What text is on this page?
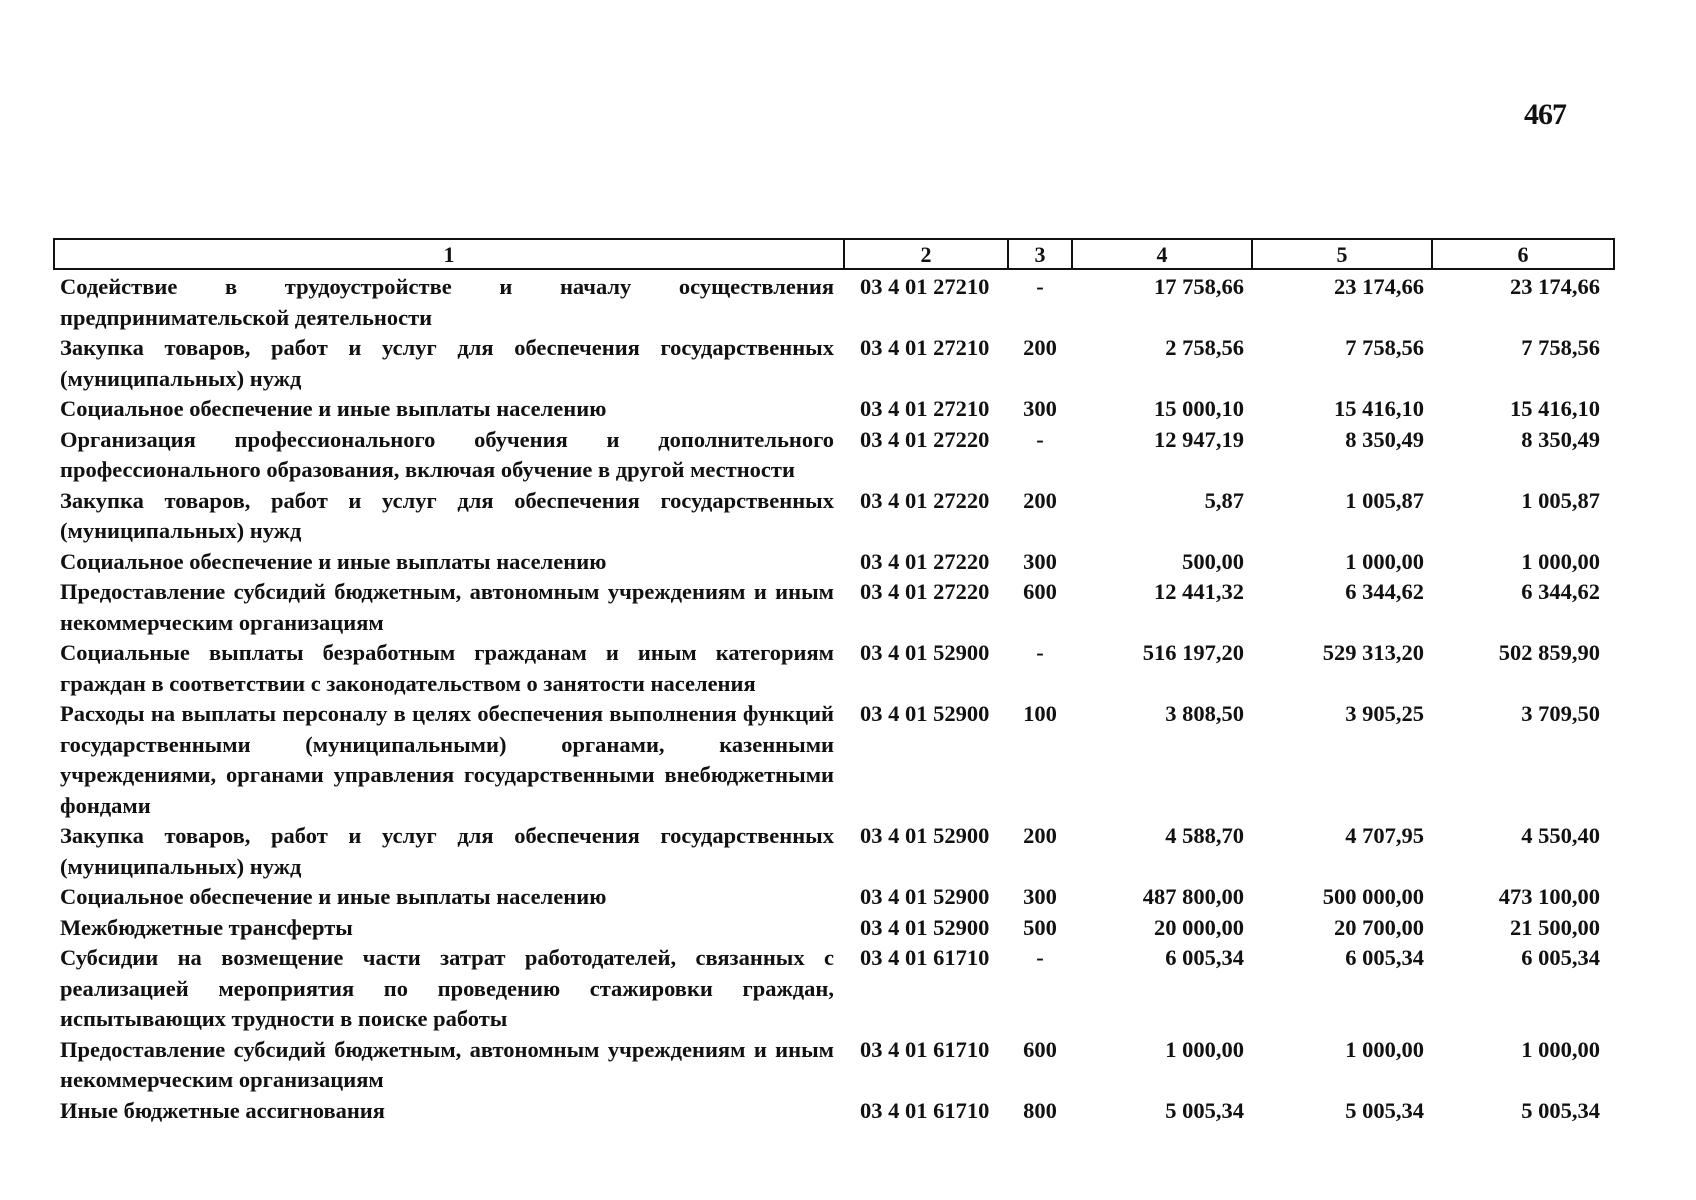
467
1	2	3	4	5	6
Содействие в трудоустройстве и началу осуществления предпринимательской деятельности	03 4 01 27210	-	17 758,66	23 174,66	23 174,66
Закупка товаров, работ и услуг для обеспечения государственных (муниципальных) нужд	03 4 01 27210	200	2 758,56	7 758,56	7 758,56
Социальное обеспечение и иные выплаты населению	03 4 01 27210	300	15 000,10	15 416,10	15 416,10
Организация профессионального обучения и дополнительного профессионального образования, включая обучение в другой местности	03 4 01 27220	-	12 947,19	8 350,49	8 350,49
Закупка товаров, работ и услуг для обеспечения государственных (муниципальных) нужд	03 4 01 27220	200	5,87	1 005,87	1 005,87
Социальное обеспечение и иные выплаты населению	03 4 01 27220	300	500,00	1 000,00	1 000,00
Предоставление субсидий бюджетным, автономным учреждениям и иным некоммерческим организациям	03 4 01 27220	600	12 441,32	6 344,62	6 344,62
Социальные выплаты безработным гражданам и иным категориям граждан в соответствии с законодательством о занятости населения	03 4 01 52900	-	516 197,20	529 313,20	502 859,90
Расходы на выплаты персоналу в целях обеспечения выполнения функций государственными (муниципальными) органами, казенными учреждениями, органами управления государственными внебюджетными фондами	03 4 01 52900	100	3 808,50	3 905,25	3 709,50
Закупка товаров, работ и услуг для обеспечения государственных (муниципальных) нужд	03 4 01 52900	200	4 588,70	4 707,95	4 550,40
Социальное обеспечение и иные выплаты населению	03 4 01 52900	300	487 800,00	500 000,00	473 100,00
Межбюджетные трансферты	03 4 01 52900	500	20 000,00	20 700,00	21 500,00
Субсидии на возмещение части затрат работодателей, связанных с реализацией мероприятия по проведению стажировки граждан, испытывающих трудности в поиске работы	03 4 01 61710	-	6 005,34	6 005,34	6 005,34
Предоставление субсидий бюджетным, автономным учреждениям и иным некоммерческим организациям	03 4 01 61710	600	1 000,00	1 000,00	1 000,00
Иные бюджетные ассигнования	03 4 01 61710	800	5 005,34	5 005,34	5 005,34
